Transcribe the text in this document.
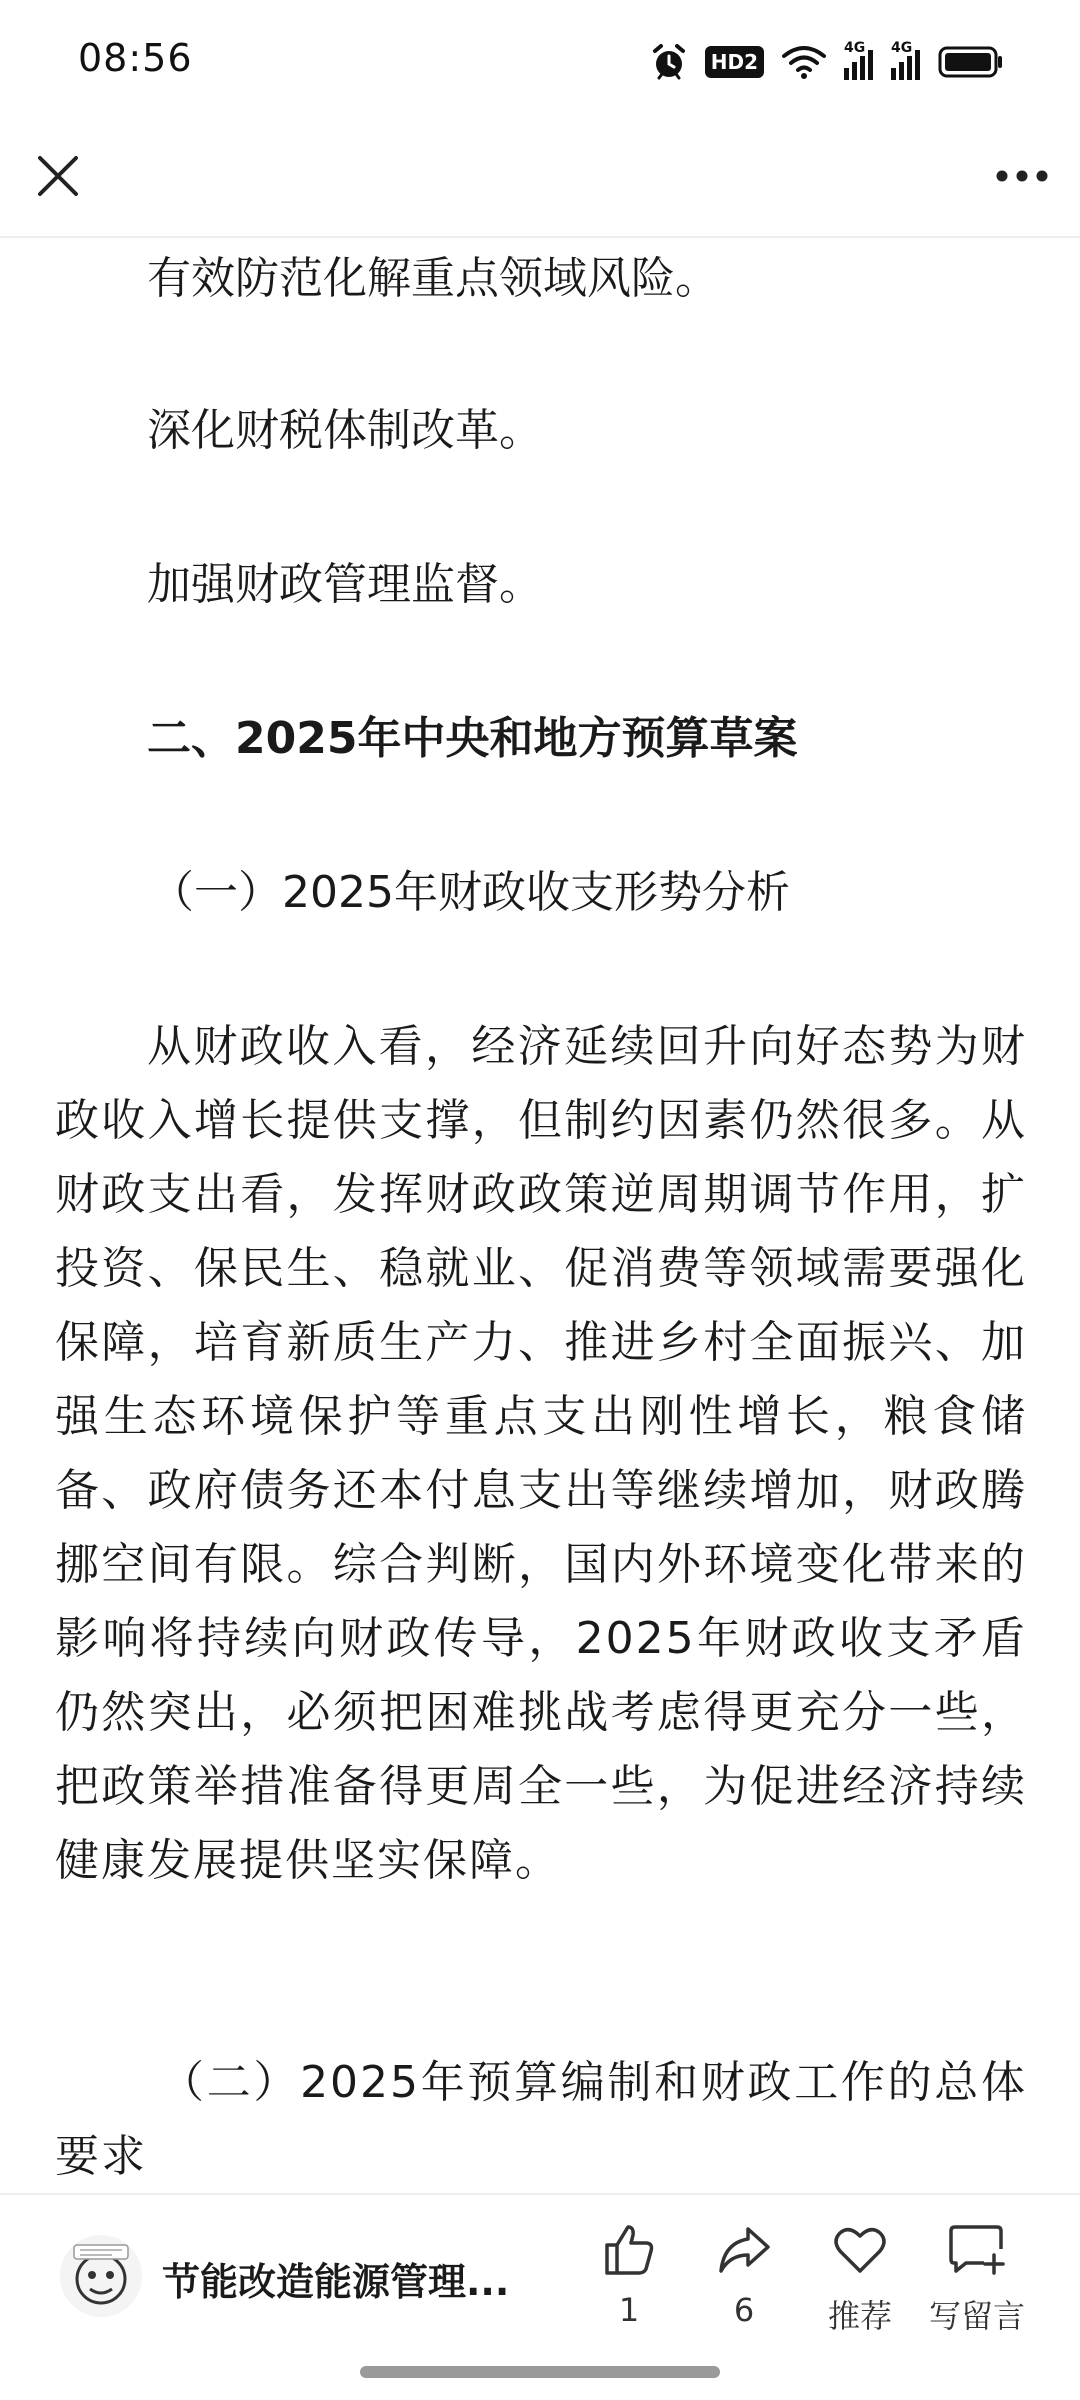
08:56	HD2
4G 4G

有效防范化解重点领域风险。

深化财税体制改革。

加强财政管理监督。

二、2025年中央和地方预算草案

（一）2025年财政收支形势分析

从财政收入看，经济延续回升向好态势为财政收入增长提供支撑，但制约因素仍然很多。从财政支出看，发挥财政政策逆周期调节作用，扩投资、保民生、稳就业、促消费等领域需要强化保障，培育新质生产力、推进乡村全面振兴、加强生态环境保护等重点支出刚性增长，粮食储备、政府债务还本付息支出等继续增加，财政腾挪空间有限。综合判断，国内外环境变化带来的影响将持续向财政传导，2025年财政收支矛盾仍然突出，必须把困难挑战考虑得更充分一些，把政策举措准备得更周全一些，为促进经济持续健康发展提供坚实保障。

（二）2025年预算编制和财政工作的总体要求

节能改造能源管理...
1	6	推荐	写留言
